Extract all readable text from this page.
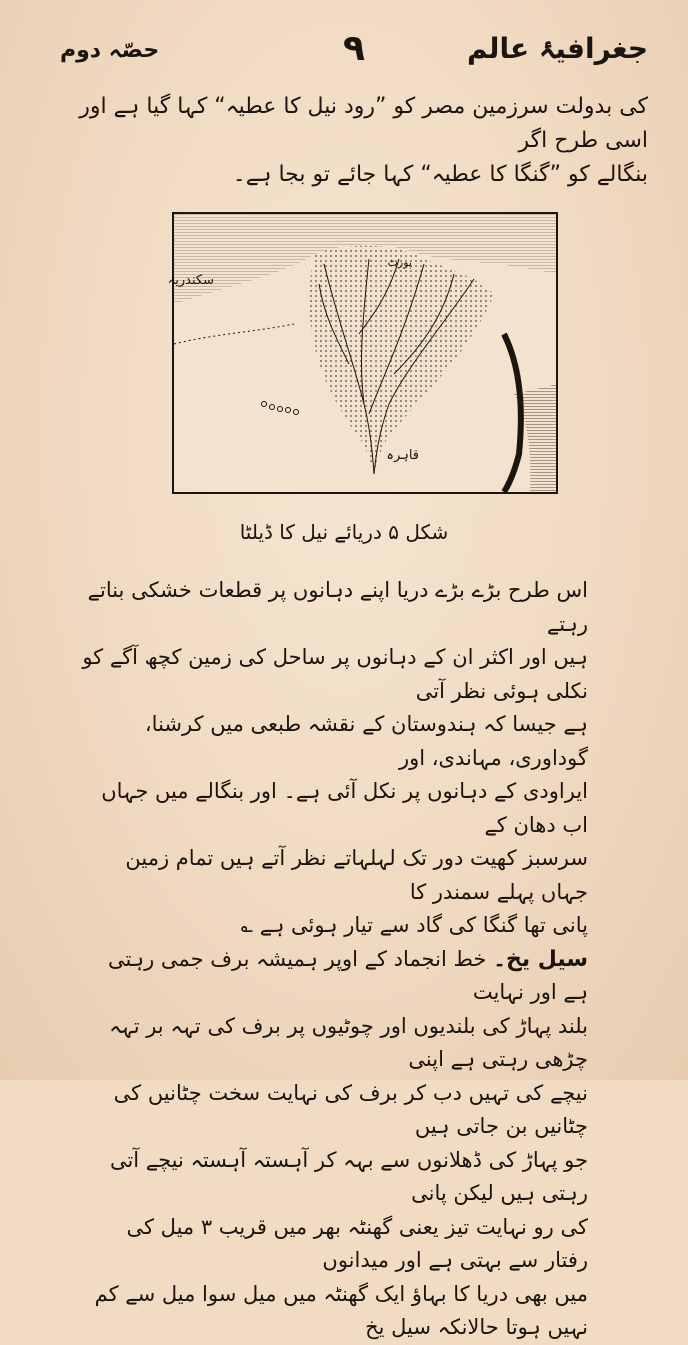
جغرافیۂ عالم
۹
حصّہ دوم

کی بدولت سرزمین مصر کو ”رود نیل کا عطیہ“ کہا گیا ہے اور اسی طرح اگر

بنگالے کو ”گنگا کا عطیہ“ کہا جائے تو بجا ہے۔

سکندریہ
قاہرہ
پورٹ
شکل ۵ دریائے نیل کا ڈیلٹا

اس طرح بڑے بڑے دریا اپنے دہانوں پر قطعات خشکی بناتے رہتے

ہیں اور اکثر ان کے دہانوں پر ساحل کی زمین کچھ آگے کو نکلی ہوئی نظر آتی

ہے جیسا کہ ہندوستان کے نقشہ طبعی میں کرشنا، گوداوری، مہاندی، اور

ایراودی کے دہانوں پر نکل آئی ہے۔ اور بنگالے میں جہاں اب دھان کے

سرسبز کھیت دور تک لہلہاتے نظر آتے ہیں تمام زمین جہاں پہلے سمندر کا

پانی تھا گنگا کی گاد سے تیار ہوئی ہے ؎

سیل یخ۔ خط انجماد کے اوپر ہمیشہ برف جمی رہتی ہے اور نہایت

بلند پہاڑ کی بلندیوں اور چوٹیوں پر برف کی تہہ بر تہہ چڑھی رہتی ہے اپنی

نیچے کی تہیں دب کر برف کی نہایت سخت چٹانیں کی چٹانیں بن جاتی ہیں

جو پہاڑ کی ڈھلانوں سے بہہ کر آہستہ آہستہ نیچے آتی رہتی ہیں لیکن پانی

کی رو نہایت تیز یعنی گھنٹہ بھر میں قریب ۳ میل کی رفتار سے بہتی ہے اور میدانوں

میں بھی دریا کا بہاؤ ایک گھنٹہ میں میل سوا میل سے کم نہیں ہوتا حالانکہ سیل یخ
